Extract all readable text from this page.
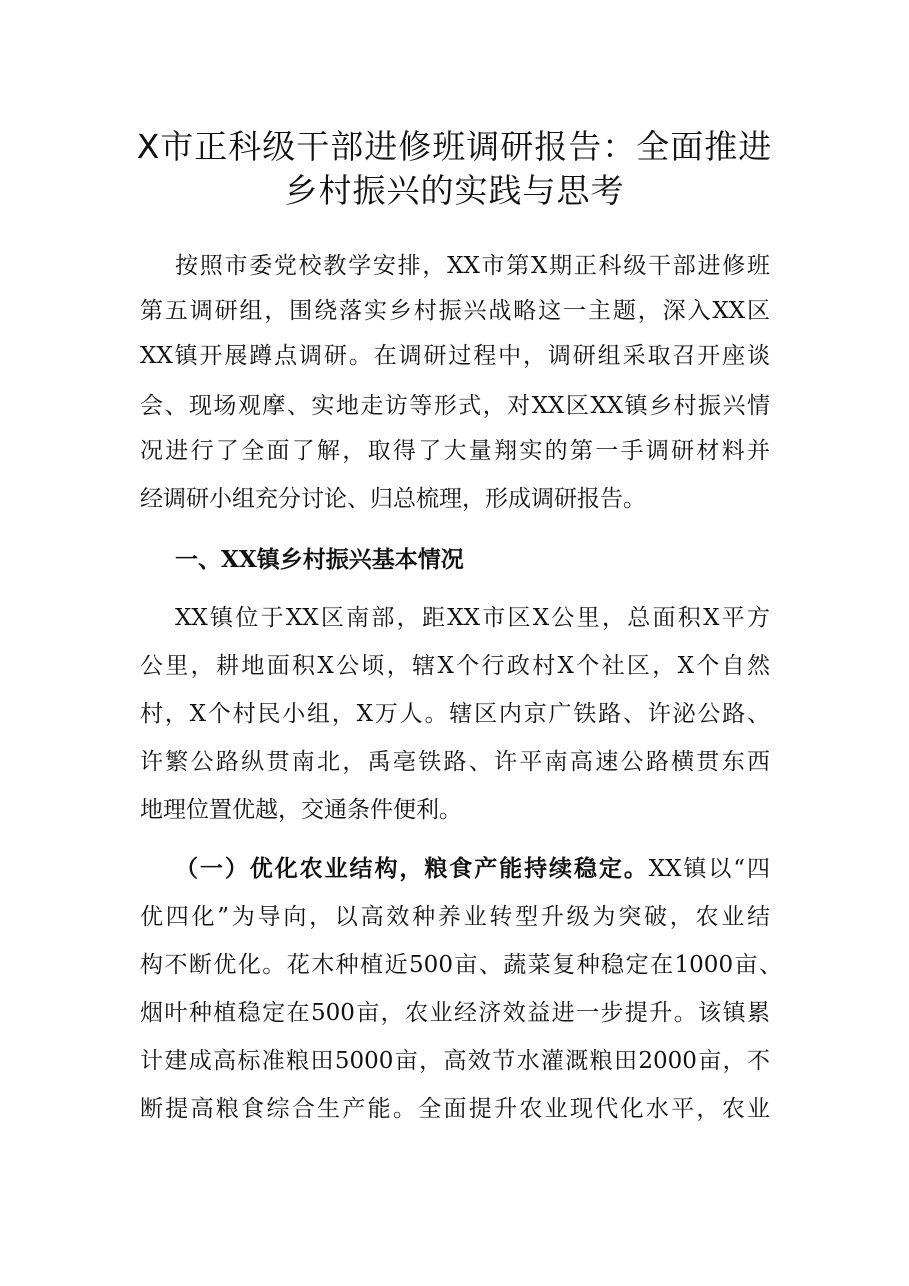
X市正科级干部进修班调研报告：全面推进
乡村振兴的实践与思考
按照市委党校教学安排，XX市第X期正科级干部进修班
第五调研组，围绕落实乡村振兴战略这一主题，深入XX区
XX镇开展蹲点调研。在调研过程中，调研组采取召开座谈
会、现场观摩、实地走访等形式，对XX区XX镇乡村振兴情
况进行了全面了解，取得了大量翔实的第一手调研材料并
经调研小组充分讨论、归总梳理，形成调研报告。
一、XX镇乡村振兴基本情况
XX镇位于XX区南部，距XX市区X公里，总面积X平方
公里，耕地面积X公顷，辖X个行政村X个社区，X个自然
村，X个村民小组，X万人。辖区内京广铁路、许泌公路、
许繁公路纵贯南北，禹亳铁路、许平南高速公路横贯东西
地理位置优越，交通条件便利。
（一）优化农业结构，粮食产能持续稳定。XX镇以“四
优四化”为导向，以高效种养业转型升级为突破，农业结
构不断优化。花木种植近500亩、蔬菜复种稳定在1000亩、
烟叶种植稳定在500亩，农业经济效益进一步提升。该镇累
计建成高标准粮田5000亩，高效节水灌溉粮田2000亩，不
断提高粮食综合生产能。全面提升农业现代化水平，农业
